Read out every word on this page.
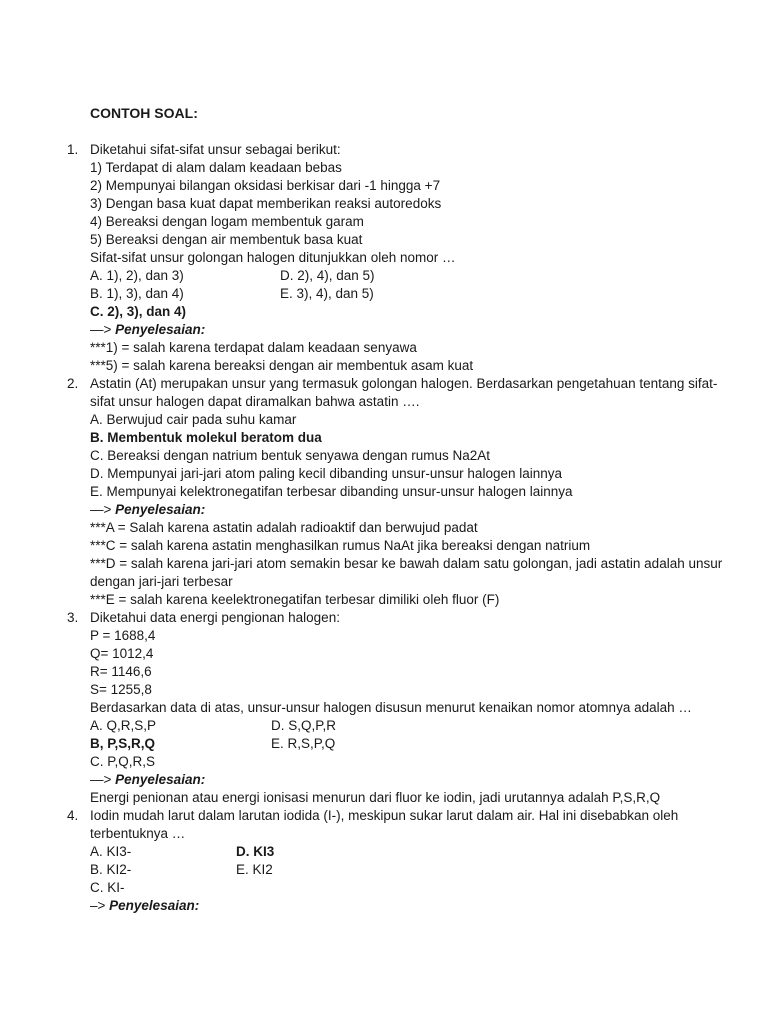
CONTOH SOAL:
1. Diketahui sifat-sifat unsur sebagai berikut:
1) Terdapat di alam dalam keadaan bebas
2) Mempunyai bilangan oksidasi berkisar dari -1 hingga +7
3) Dengan basa kuat dapat memberikan reaksi autoredoks
4) Bereaksi dengan logam membentuk garam
5) Bereaksi dengan air membentuk basa kuat
Sifat-sifat unsur golongan halogen ditunjukkan oleh nomor …
A. 1), 2), dan 3)	D. 2), 4), dan 5)
B. 1), 3), dan 4)	E. 3), 4), dan 5)
C. 2), 3), dan 4)
—> Penyelesaian:
***1) = salah karena terdapat dalam keadaan senyawa
***5) = salah karena bereaksi dengan air membentuk asam kuat
2. Astatin (At) merupakan unsur yang termasuk golongan halogen. Berdasarkan pengetahuan tentang sifat-
sifat unsur halogen dapat diramalkan bahwa astatin ….
A. Berwujud cair pada suhu kamar
B. Membentuk molekul beratom dua
C. Bereaksi dengan natrium bentuk senyawa dengan rumus Na2At
D. Mempunyai jari-jari atom paling kecil dibanding unsur-unsur halogen lainnya
E. Mempunyai kelektronegatifan terbesar dibanding unsur-unsur halogen lainnya
—> Penyelesaian:
***A = Salah karena astatin adalah radioaktif dan berwujud padat
***C = salah karena astatin menghasilkan rumus NaAt jika bereaksi dengan natrium
***D = salah karena jari-jari atom semakin besar ke bawah dalam satu golongan, jadi astatin adalah unsur
dengan jari-jari terbesar
***E = salah karena keelektronegatifan terbesar dimiliki oleh fluor (F)
3. Diketahui data energi pengionan halogen:
P = 1688,4
Q= 1012,4
R= 1146,6
S= 1255,8
Berdasarkan data di atas, unsur-unsur halogen disusun menurut kenaikan nomor atomnya adalah …
A. Q,R,S,P	D. S,Q,P,R
B, P,S,R,Q	E. R,S,P,Q
C. P,Q,R,S
—> Penyelesaian:
Energi penionan atau energi ionisasi menurun dari fluor ke iodin, jadi urutannya adalah P,S,R,Q
4. Iodin mudah larut dalam larutan iodida (I-), meskipun sukar larut dalam air. Hal ini disebabkan oleh
terbentuknya …
A. KI3-	D. KI3
B. KI2-	E. KI2
C. KI-
–> Penyelesaian:
